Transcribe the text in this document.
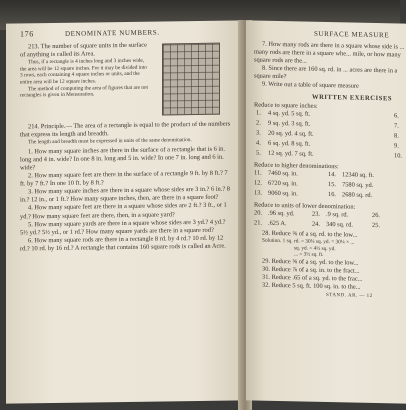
176	DENOMINATE NUMBERS.

213. The number of square units in the surface of anything is called its Area.

Thus, if a rectangle is 4 inches long and 3 inches wide, the area will be 12 square inches. For it may be divided into 3 rows, each containing 4 square inches or units, and the entire area will be 12 square inches.

The method of computing the area of figures that are not rectangles is given in Mensuration.

214. Principle.— The area of a rectangle is equal to the product of the numbers that express its length and breadth.

The length and breadth must be expressed in units of the same denomination.

1. How many square inches are there in the surface of a rectangle that is 6 in. long and 4 in. wide? In one 8 in. long and 5 in. wide? In one 7 in. long and 6 in. wide?

2. How many square feet are there in the surface of a rectangle 9 ft. by 8 ft.? 7 ft. by 7 ft.? In one 10 ft. by 8 ft.?

3. How many square inches are there in a square whose sides are 3 in.? 6 in.? 8 in.? 12 in., or 1 ft.? How many square inches, then, are there in a square foot?

4. How many square feet are there in a square whose sides are 2 ft.? 3 ft., or 1 yd.? How many square feet are there, then, in a square yard?

5. How many square yards are there in a square whose sides are 3 yd.? 4 yd.? 5½ yd.? 5½ yd., or 1 rd.? How many square yards are there in a square rod?

6. How many square rods are there in a rectangle 8 rd. by 4 rd.? 10 rd. by 12 rd.? 10 rd. by 16 rd.? A rectangle that contains 160 square rods is called an Acre.

SURFACE MEASURE

7. How many rods are there in a square whose side is ... many rods are there in a square whe... mile, or how many square rods are the...

8. Since there are 160 sq. rd. in ... acres are there in a square mile?

9. Write out a table of square measure

WRITTEN EXERCISES

Reduce to square inches:

1. 4 sq. yd. 5 sq. ft.	6.
2. 9 sq. yd. 3 sq. ft.	7.
3. 20 sq. yd. 4 sq. ft.	8.
4. 6 sq. yd. 8 sq. ft.	9.
5. 12 sq. yd. 7 sq. ft.	10.

Reduce to higher denominations:

11. 7460 sq. in.	14. 12340 sq. ft.
12. 6720 sq. in.	15. 7580 sq. yd.
13. 9060 sq. in.	16. 2680 sq. rd.

Reduce to units of lower denomination:

20. .96 sq. yd.	23. .9 sq. rd.	26.
21. .625 A.	24. 340 sq. rd.	25.

28. Reduce ⅝ of a sq. rd. to the low...

Solution. 1 sq. rd. = 30¼ sq. yd. = 30¼ × ...

sq. yd. = 4½ sq. yd.

... = 3½ sq. ft.

29. Reduce ⅝ of a sq. yd. to the low...

30. Reduce ⅞ of a sq. in. to the fract...

31. Reduce .65 of a sq. yd. to the frac...

32. Reduce 5 sq. ft. 100 sq. in. to the...

STAND. AR. — 12
